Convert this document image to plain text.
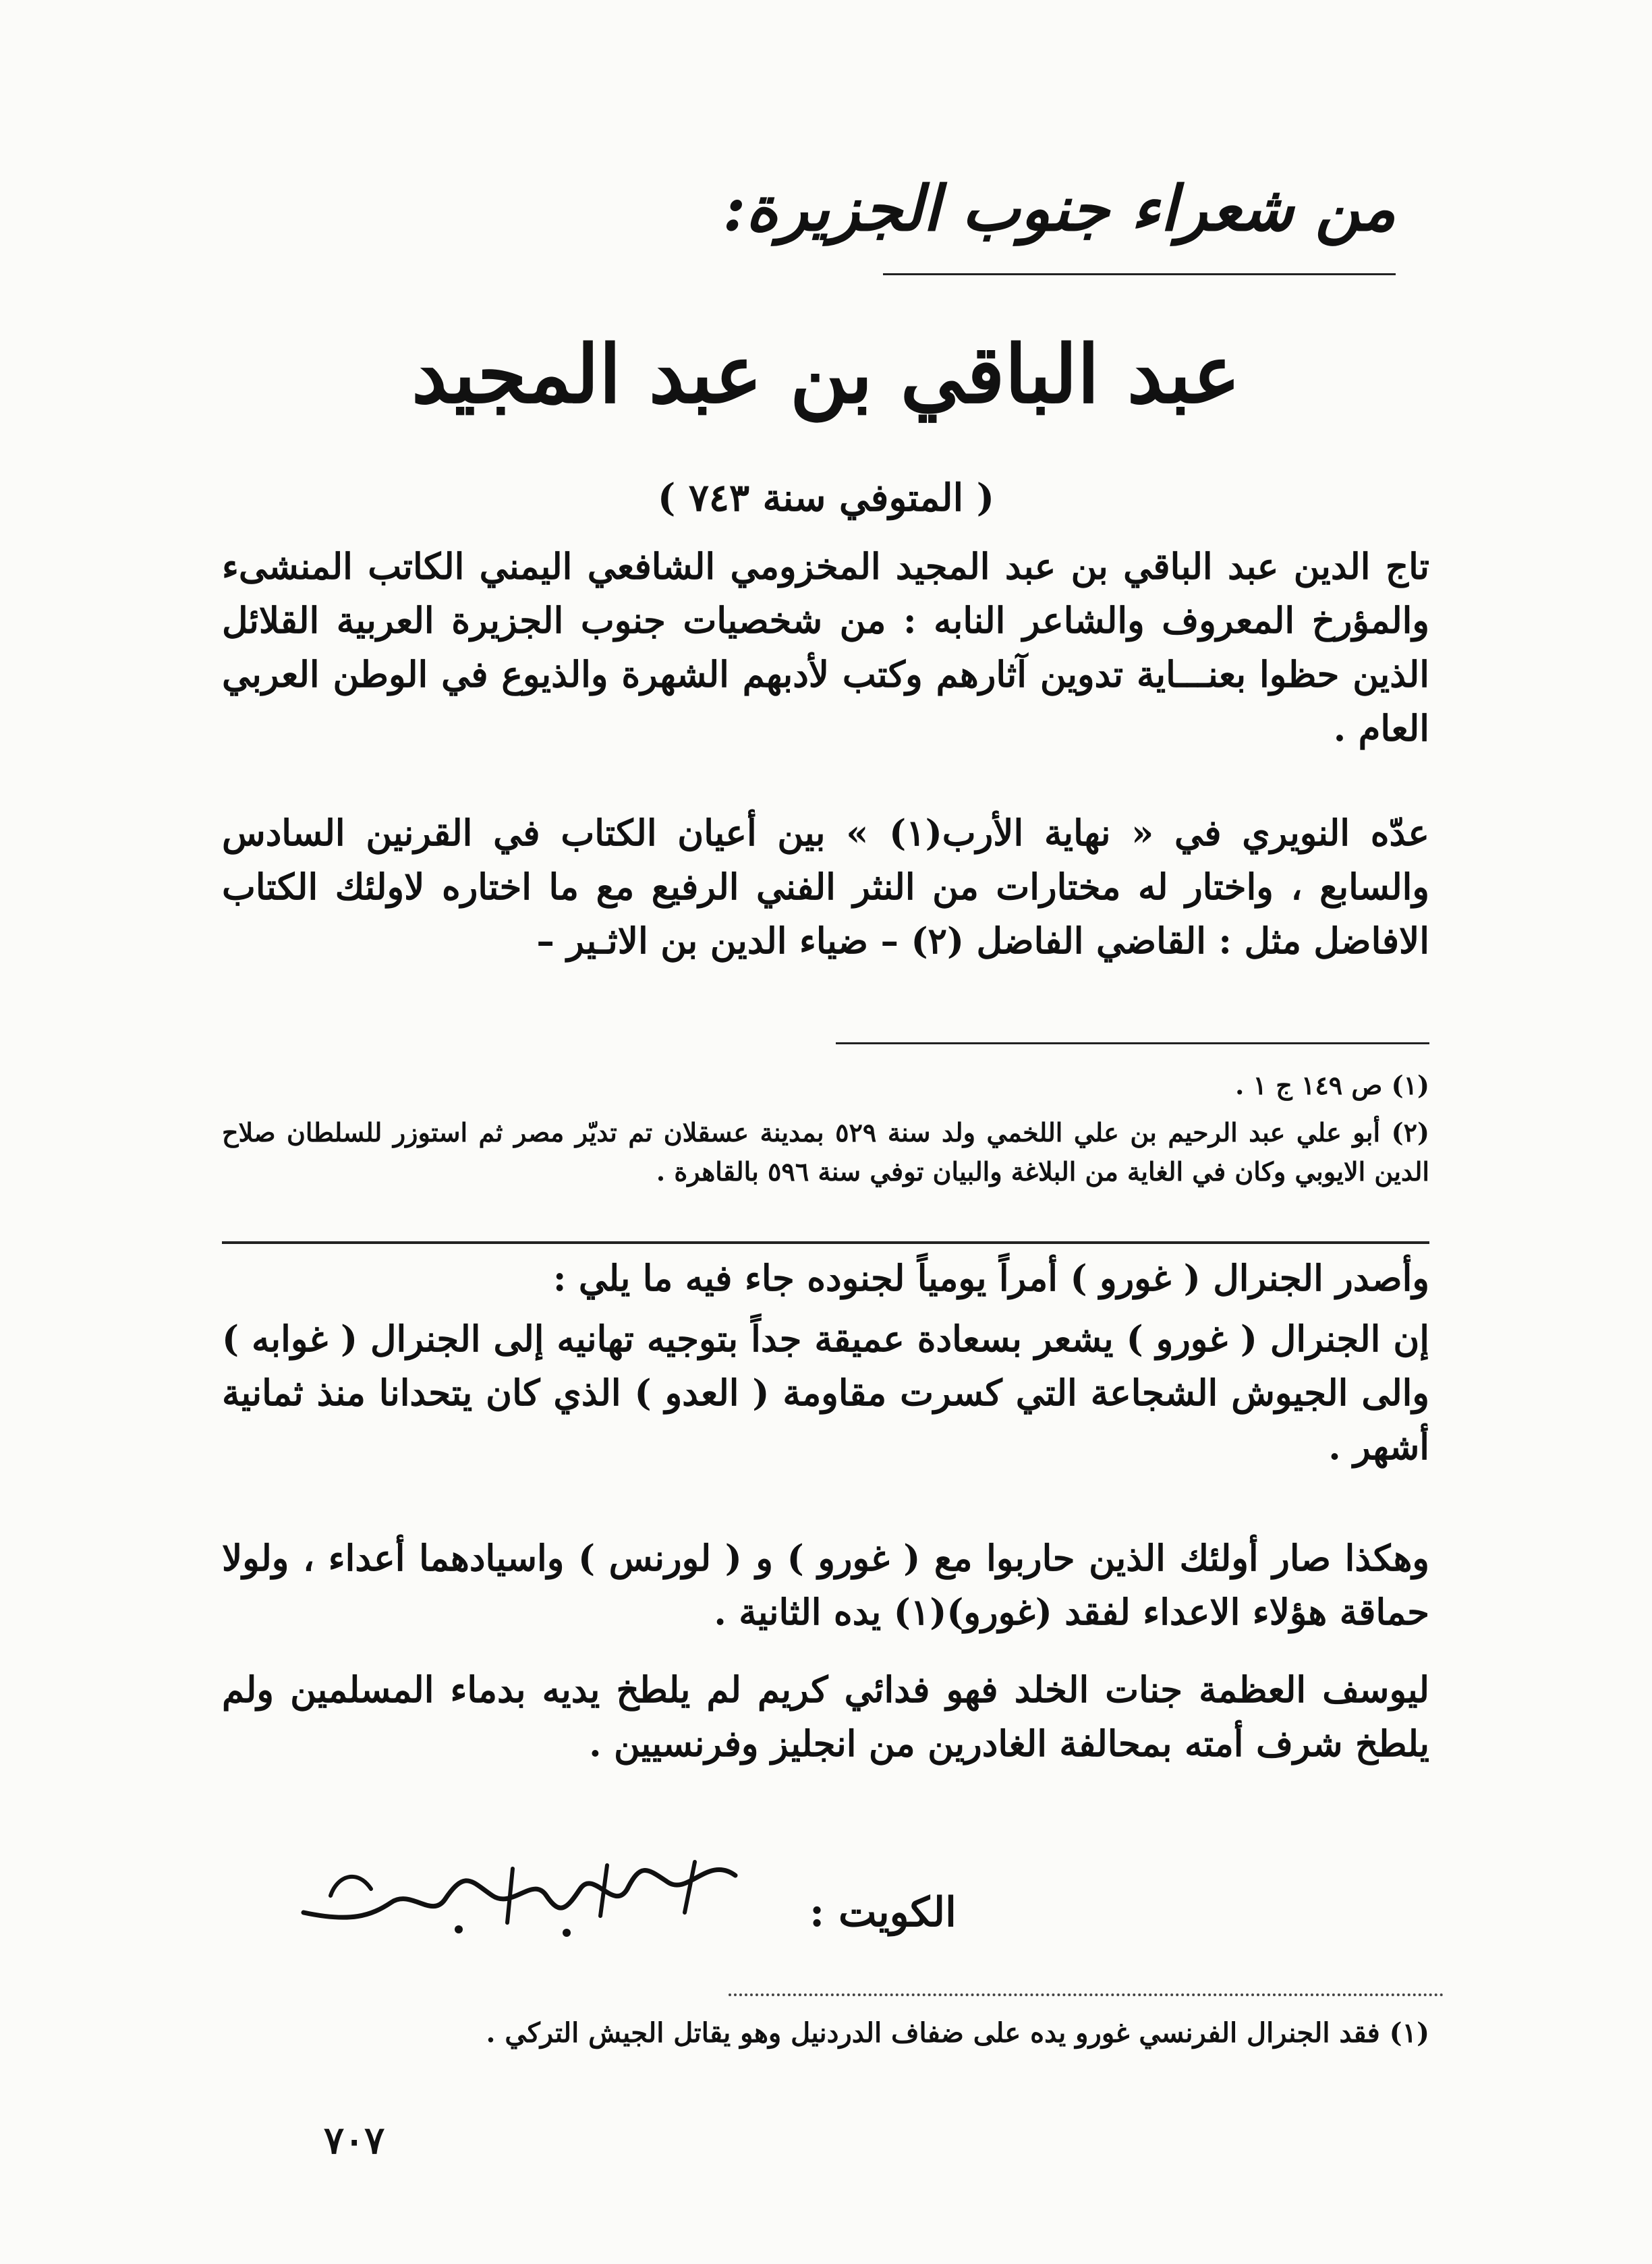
من شعراء جنوب الجزيرة:
عبد الباقي بن عبد المجيد
( المتوفي سنة ٧٤٣ )

تاج الدين عبد الباقي بن عبد المجيد المخزومي الشافعي اليمني الكاتب المنشىء والمؤرخ المعروف والشاعر النابه : من شخصيات جنوب الجزيرة العربية القلائل الذين حظوا بعنـــاية تدوين آثارهم وكتب لأدبهم الشهرة والذيوع في الوطن العربي العام .

عدّه النويري في « نهاية الأرب(١) » بين أعيان الكتاب في القرنين السادس والسابع ، واختار له مختارات من النثر الفني الرفيع مع ما اختاره لاولئك الكتاب الافاضل مثل : القاضي الفاضل (٢) – ضياء الدين بن الاثـير –

(١) ص ١٤٩ ج ١ .

(٢) أبو علي عبد الرحيم بن علي اللخمي ولد سنة ٥٢٩ بمدينة عسقلان تم تديّر مصر ثم استوزر للسلطان صلاح الدين الايوبي وكان في الغاية من البلاغة والبيان توفي سنة ٥٩٦ بالقاهرة .

وأصدر الجنرال ( غورو ) أمراً يومياً لجنوده جاء فيه ما يلي :

إن الجنرال ( غورو ) يشعر بسعادة عميقة جداً بتوجيه تهانيه إلى الجنرال ( غوابه ) والى الجيوش الشجاعة التي كسرت مقاومة ( العدو ) الذي كان يتحدانا منذ ثمانية أشهر .

وهكذا صار أولئك الذين حاربوا مع ( غورو ) و ( لورنس ) واسيادهما أعداء ، ولولا حماقة هؤلاء الاعداء لفقد (غورو)(١) يده الثانية .

ليوسف العظمة جنات الخلد فهو فدائي كريم لم يلطخ يديه بدماء المسلمين ولم يلطخ شرف أمته بمحالفة الغادرين من انجليز وفرنسيين .

الكويت :

(١) فقد الجنرال الفرنسي غورو يده على ضفاف الدردنيل وهو يقاتل الجيش التركي .

٧٠٧
